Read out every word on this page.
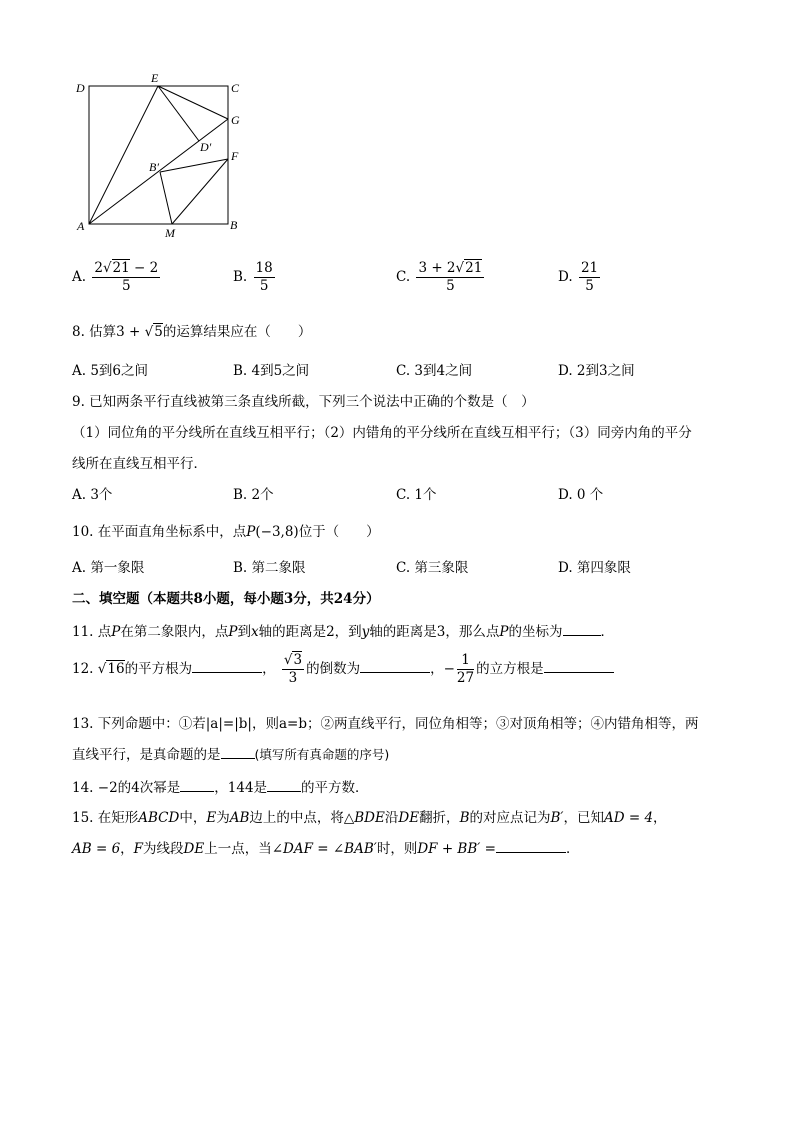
D
E
C
G
D′
B′
F
A	M
B
A. $\frac{2√21 - 2}{5}$	B. $\frac{18}{5}$	C. $\frac{3 + 2√21}{5}$	D. $\frac{21}{5}$
8. 估算3 + √5的运算结果应在（　　）
A. 5到6之间	B. 4到5之间	C. 3到4之间	D. 2到3之间
9. 已知两条平行直线被第三条直线所截，下列三个说法中正确的个数是（　）
（1）同位角的平分线所在直线互相平行；（2）内错角的平分线所在直线互相平行；（3）同旁内角的平分
线所在直线互相平行．
A. 3个	B. 2个	C. 1个	D. 0 个
10. 在平面直角坐标系中，点P(−3,8)位于（　　）
A. 第一象限	B. 第二象限	C. 第三象限	D. 第四象限
二、填空题（本题共8小题，每小题3分，共24分）
11. 点P在第二象限内，点P到x轴的距离是2，到y轴的距离是3，那么点P的坐标为	．
12. √16的平方根为	， $\frac{√3}{3}$ 的倒数为	，− $\frac{1}{27}$ 的立方根是
13. 下列命题中：①若|a|=|b|，则a=b；②两直线平行，同位角相等；③对顶角相等；④内错角相等，两
直线平行，是真命题的是	(填写所有真命题的序号)
14. −2的4次幂是	，144是	的平方数．
15. 在矩形ABCD中，E为AB边上的中点，将△BDE沿DE翻折，B的对应点记为B′，已知AD = 4，
AB = 6，F为线段DE上一点，当∠DAF = ∠BAB′时，则DF + BB′ =	．
